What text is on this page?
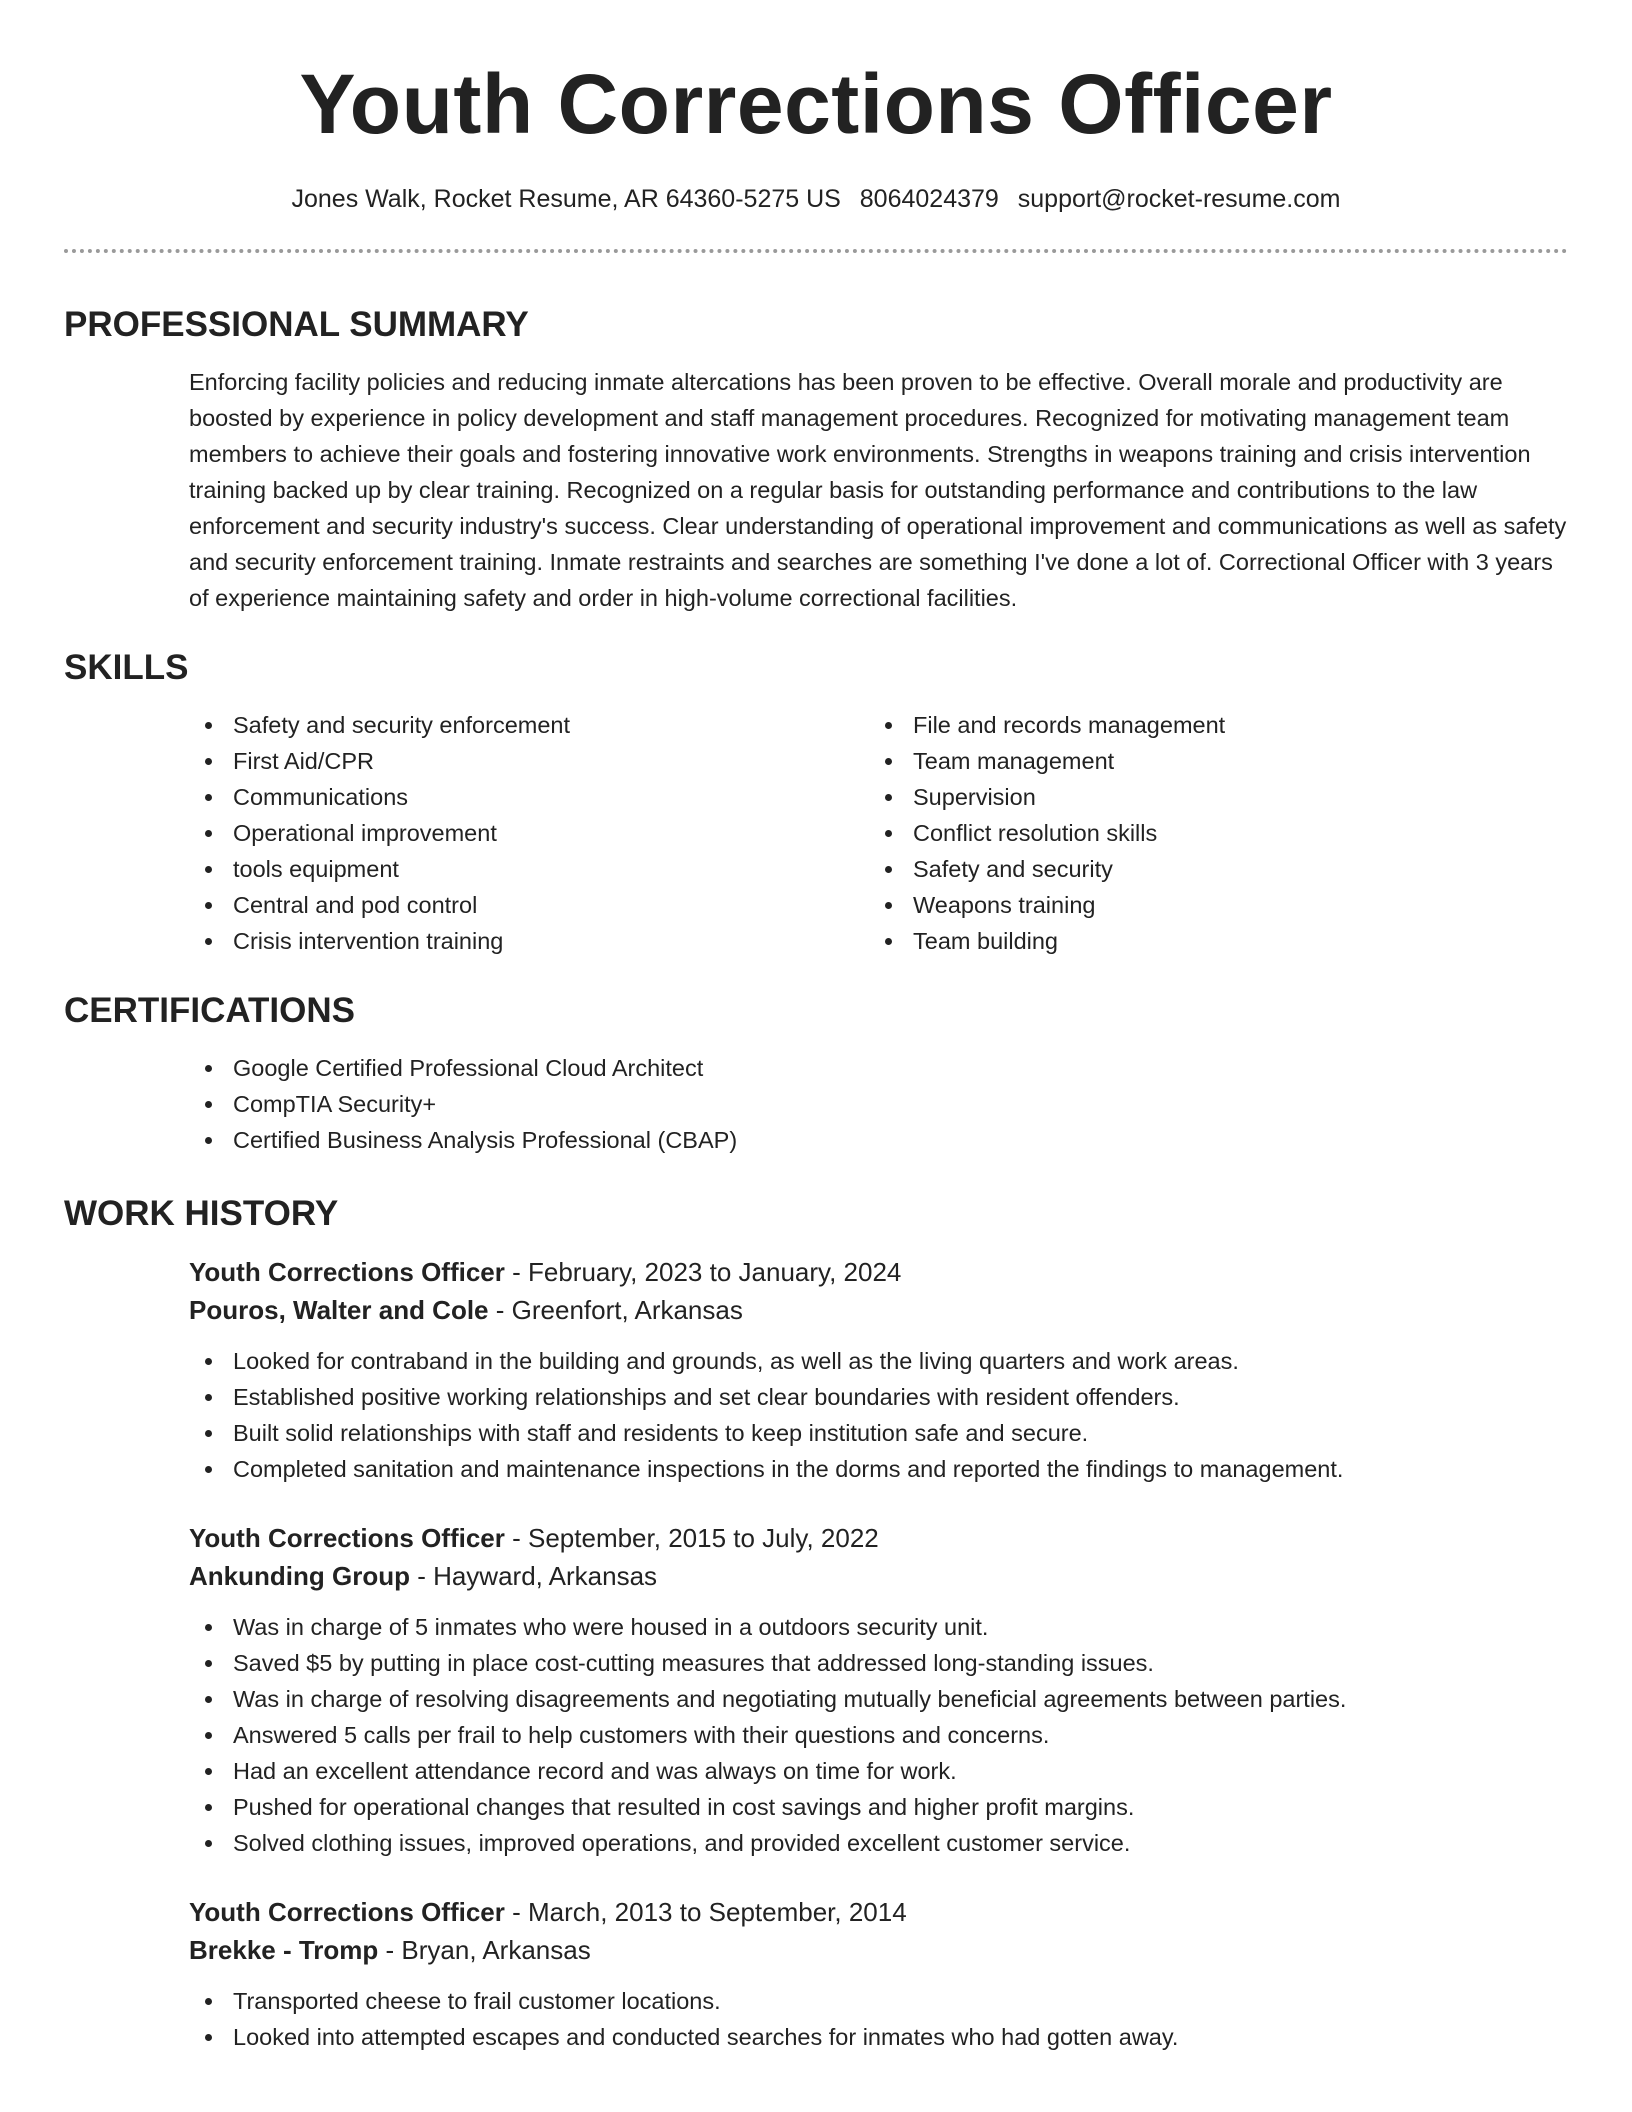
Youth Corrections Officer
Jones Walk, Rocket Resume, AR 64360-5275 US 8064024379 support@rocket-resume.com
PROFESSIONAL SUMMARY

Enforcing facility policies and reducing inmate altercations has been proven to be effective. Overall morale and productivity are boosted by experience in policy development and staff management procedures. Recognized for motivating management team members to achieve their goals and fostering innovative work environments. Strengths in weapons training and crisis intervention training backed up by clear training. Recognized on a regular basis for outstanding performance and contributions to the law enforcement and security industry's success. Clear understanding of operational improvement and communications as well as safety and security enforcement training. Inmate restraints and searches are something I've done a lot of. Correctional Officer with 3 years of experience maintaining safety and order in high-volume correctional facilities.

SKILLS
Safety and security enforcement
First Aid/CPR
Communications
Operational improvement
tools equipment
Central and pod control
Crisis intervention training
File and records management
Team management
Supervision
Conflict resolution skills
Safety and security
Weapons training
Team building
CERTIFICATIONS
Google Certified Professional Cloud Architect
CompTIA Security+
Certified Business Analysis Professional (CBAP)
WORK HISTORY
Youth Corrections Officer - February, 2023 to January, 2024
Pouros, Walter and Cole - Greenfort, Arkansas
Looked for contraband in the building and grounds, as well as the living quarters and work areas.
Established positive working relationships and set clear boundaries with resident offenders.
Built solid relationships with staff and residents to keep institution safe and secure.
Completed sanitation and maintenance inspections in the dorms and reported the findings to management.
Youth Corrections Officer - September, 2015 to July, 2022
Ankunding Group - Hayward, Arkansas
Was in charge of 5 inmates who were housed in a outdoors security unit.
Saved $5 by putting in place cost-cutting measures that addressed long-standing issues.
Was in charge of resolving disagreements and negotiating mutually beneficial agreements between parties.
Answered 5 calls per frail to help customers with their questions and concerns.
Had an excellent attendance record and was always on time for work.
Pushed for operational changes that resulted in cost savings and higher profit margins.
Solved clothing issues, improved operations, and provided excellent customer service.
Youth Corrections Officer - March, 2013 to September, 2014
Brekke - Tromp - Bryan, Arkansas
Transported cheese to frail customer locations.
Looked into attempted escapes and conducted searches for inmates who had gotten away.
